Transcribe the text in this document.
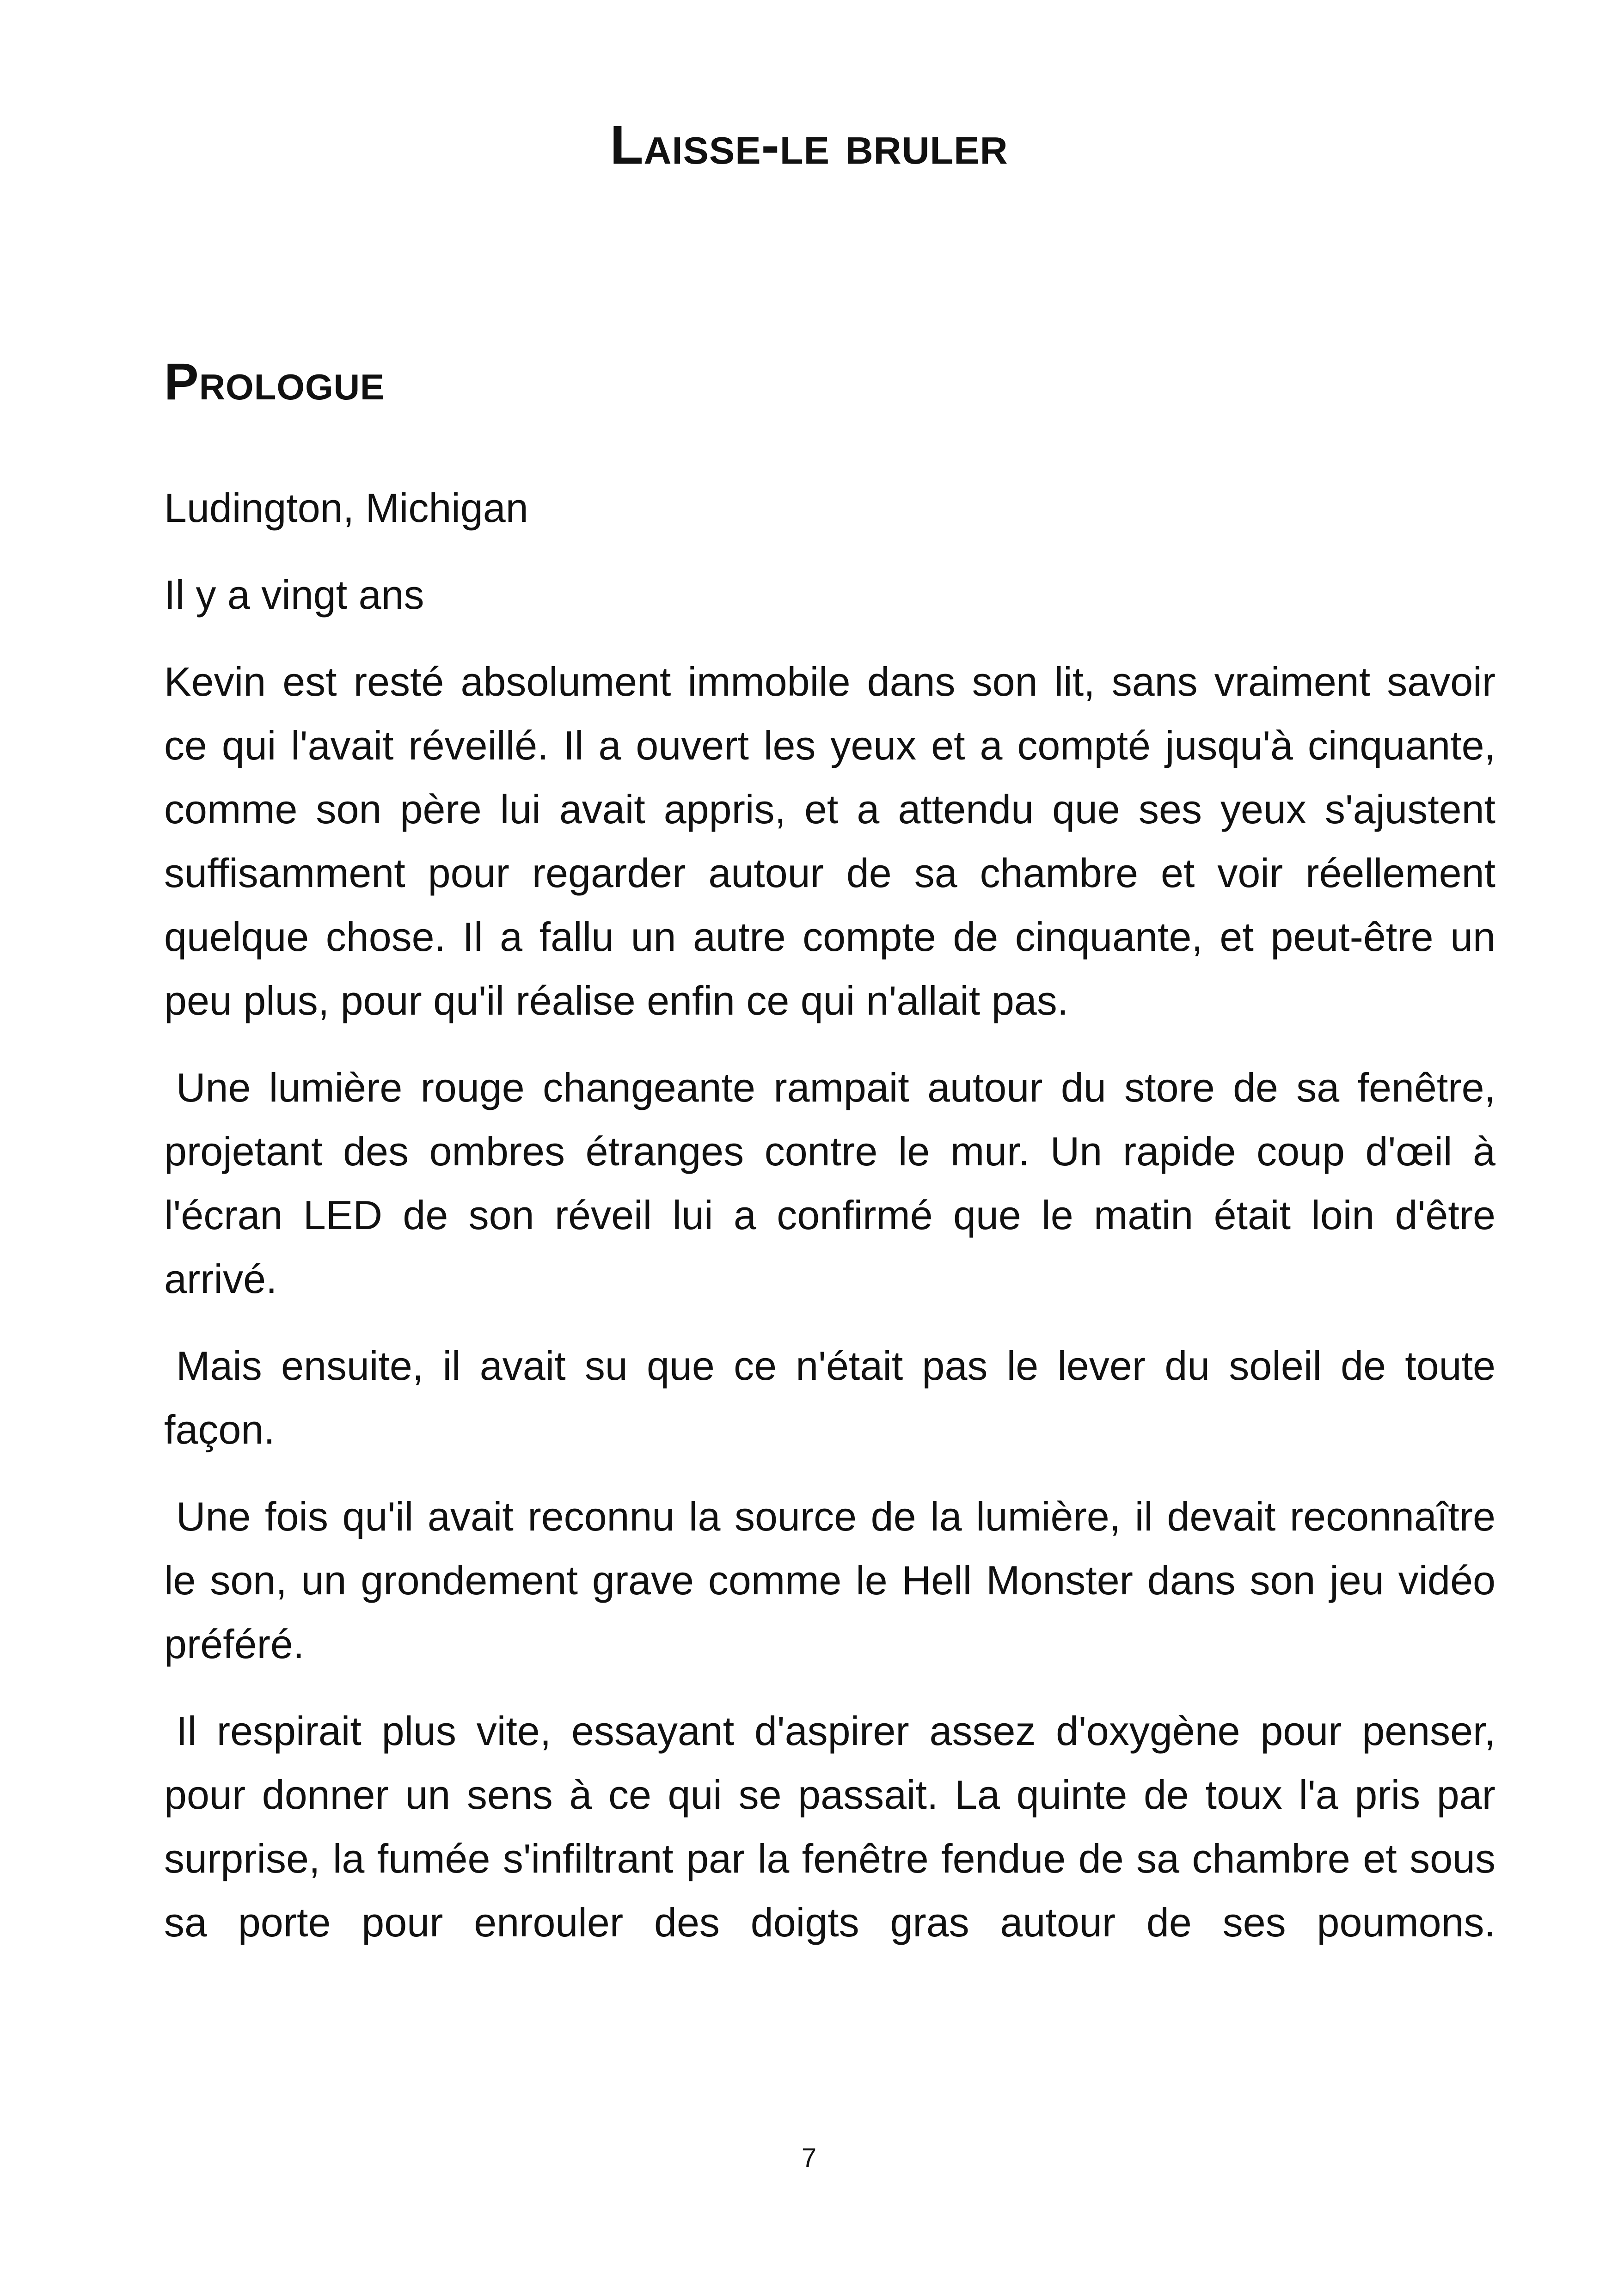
Laisse-le bruler
Prologue

Ludington, Michigan

Il y a vingt ans

Kevin est resté absolument immobile dans son lit, sans vraiment savoir ce qui l'avait réveillé. Il a ouvert les yeux et a compté jusqu'à cinquante, comme son père lui avait appris, et a attendu que ses yeux s'ajustent suffisamment pour regarder autour de sa chambre et voir réellement quelque chose. Il a fallu un autre compte de cinquante, et peut-être un peu plus, pour qu'il réalise enfin ce qui n'allait pas.

Une lumière rouge changeante rampait autour du store de sa fenêtre, projetant des ombres étranges contre le mur. Un rapide coup d'œil à l'écran LED de son réveil lui a confirmé que le matin était loin d'être arrivé.

Mais ensuite, il avait su que ce n'était pas le lever du soleil de toute façon.

Une fois qu'il avait reconnu la source de la lumière, il devait reconnaître le son, un grondement grave comme le Hell Monster dans son jeu vidéo préféré.

Il respirait plus vite, essayant d'aspirer assez d'oxygène pour penser, pour donner un sens à ce qui se passait. La quinte de toux l'a pris par surprise, la fumée s'infiltrant par la fenêtre fendue de sa chambre et sous sa porte pour enrouler des doigts gras autour de ses poumons.

7
